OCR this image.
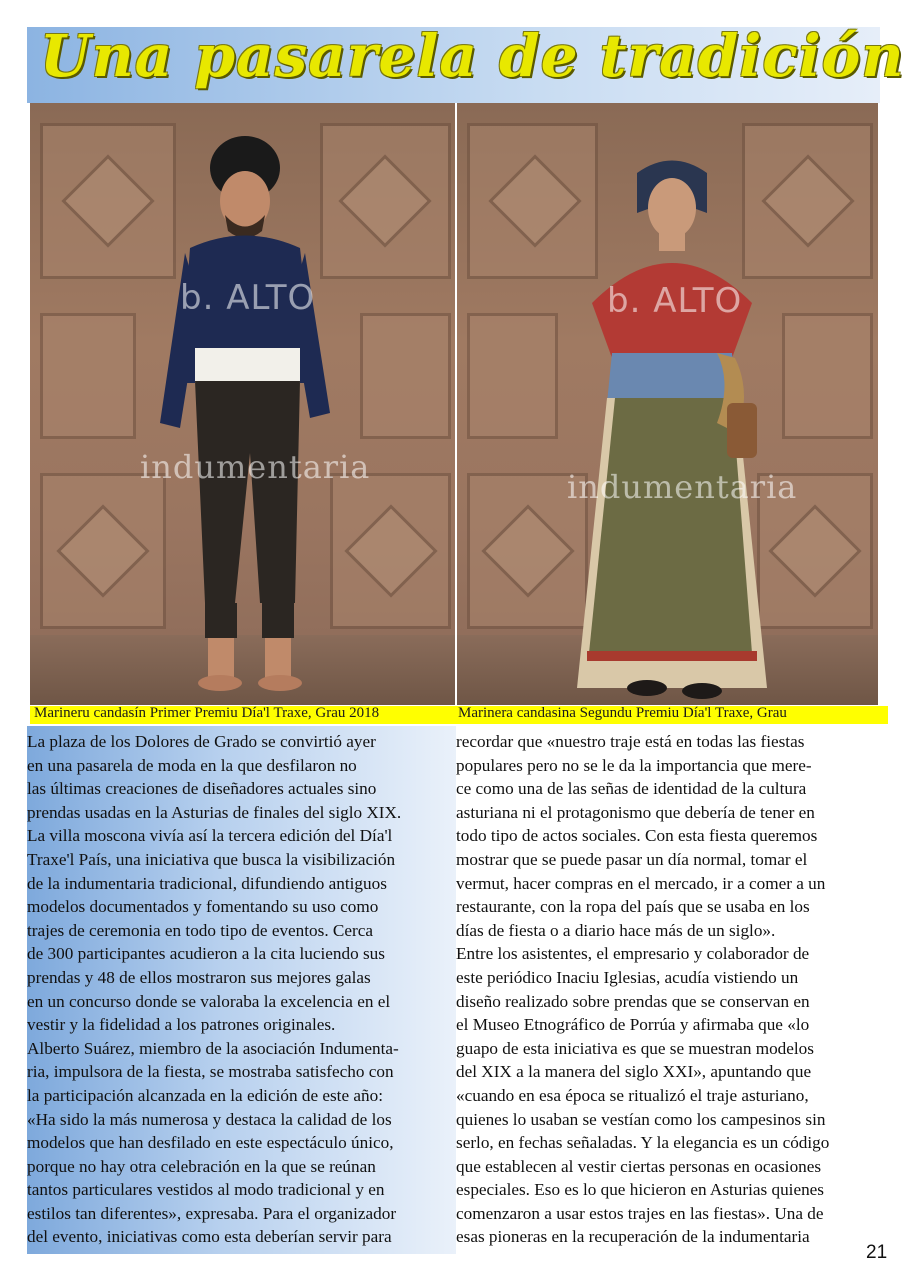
Una pasarela de tradición
b. ALTO
indumentaria
b. ALTO
indumentaria
Marineru candasín Primer Premiu Día'l Traxe, Grau 2018	Marinera candasina Segundu Premiu Día'l Traxe, Grau

La plaza de los Dolores de Grado se convirtió ayer

en una pasarela de moda en la que desfilaron no

las últimas creaciones de diseñadores actuales sino

prendas usadas en la Asturias de finales del siglo XIX.

La villa moscona vivía así la tercera edición del Día'l

Traxe'l País, una iniciativa que busca la visibilización

de la indumentaria tradicional, difundiendo antiguos

modelos documentados y fomentando su uso como

trajes de ceremonia en todo tipo de eventos. Cerca

de 300 participantes acudieron a la cita luciendo sus

prendas y 48 de ellos mostraron sus mejores galas

en un concurso donde se valoraba la excelencia en el

vestir y la fidelidad a los patrones originales.

Alberto Suárez, miembro de la asociación Indumenta-

ria, impulsora de la fiesta, se mostraba satisfecho con

la participación alcanzada en la edición de este año:

«Ha sido la más numerosa y destaca la calidad de los

modelos que han desfilado en este espectáculo único,

porque no hay otra celebración en la que se reúnan

tantos particulares vestidos al modo tradicional y en

estilos tan diferentes», expresaba. Para el organizador

del evento, iniciativas como esta deberían servir para

recordar que «nuestro traje está en todas las fiestas

populares pero no se le da la importancia que mere-

ce como una de las señas de identidad de la cultura

asturiana ni el protagonismo que debería de tener en

todo tipo de actos sociales. Con esta fiesta queremos

mostrar que se puede pasar un día normal, tomar el

vermut, hacer compras en el mercado, ir a comer a un

restaurante, con la ropa del país que se usaba en los

días de fiesta o a diario hace más de un siglo».

Entre los asistentes, el empresario y colaborador de

este periódico Inaciu Iglesias, acudía vistiendo un

diseño realizado sobre prendas que se conservan en

el Museo Etnográfico de Porrúa y afirmaba que «lo

guapo de esta iniciativa es que se muestran modelos

del XIX a la manera del siglo XXI», apuntando que

«cuando en esa época se ritualizó el traje asturiano,

quienes lo usaban se vestían como los campesinos sin

serlo, en fechas señaladas. Y la elegancia es un código

que establecen al vestir ciertas personas en ocasiones

especiales. Eso es lo que hicieron en Asturias quienes

comenzaron a usar estos trajes en las fiestas». Una de

esas pioneras en la recuperación de la indumentaria

21
